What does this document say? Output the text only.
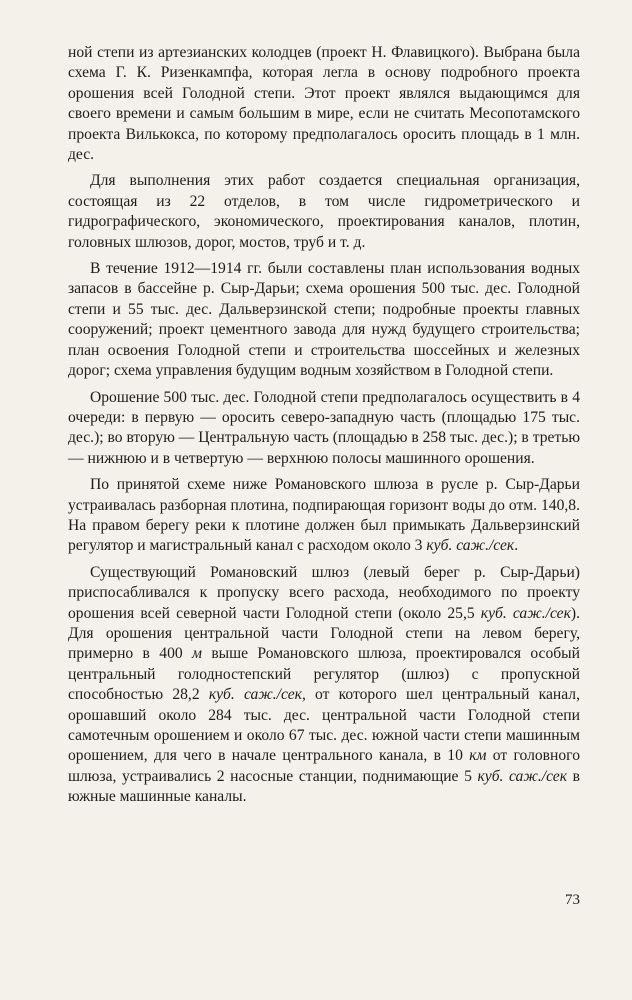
ной степи из артезианских колодцев (проект Н. Флавицкого). Выбрана была схема Г. К. Ризенкампфа, которая легла в основу подробного проекта орошения всей Голодной степи. Этот проект являлся выдающимся для своего времени и самым большим в мире, если не считать Месопотамского проекта Вилькокса, по которому предполагалось оросить площадь в 1 млн. дес.

Для выполнения этих работ создается специальная организация, состоящая из 22 отделов, в том числе гидрометрического и гидрографического, экономического, проектирования каналов, плотин, головных шлюзов, дорог, мостов, труб и т. д.

В течение 1912—1914 гг. были составлены план использования водных запасов в бассейне р. Сыр-Дарьи; схема орошения 500 тыс. дес. Голодной степи и 55 тыс. дес. Дальверзинской степи; подробные проекты главных сооружений; проект цементного завода для нужд будущего строительства; план освоения Голодной степи и строительства шоссейных и железных дорог; схема управления будущим водным хозяйством в Голодной степи.

Орошение 500 тыс. дес. Голодной степи предполагалось осуществить в 4 очереди: в первую — оросить северо-западную часть (площадью 175 тыс. дес.); во вторую — Центральную часть (площадью в 258 тыс. дес.); в третью — нижнюю и в четвертую — верхнюю полосы машинного орошения.

По принятой схеме ниже Романовского шлюза в русле р. Сыр-Дарьи устраивалась разборная плотина, подпирающая горизонт воды до отм. 140,8. На правом берегу реки к плотине должен был примыкать Дальверзинский регулятор и магистральный канал с расходом около 3 куб. саж./сек.

Существующий Романовский шлюз (левый берег р. Сыр-Дарьи) приспосабливался к пропуску всего расхода, необходимого по проекту орошения всей северной части Голодной степи (около 25,5 куб. саж./сек). Для орошения центральной части Голодной степи на левом берегу, примерно в 400 м выше Романовского шлюза, проектировался особый центральный голодностепский регулятор (шлюз) с пропускной способностью 28,2 куб. саж./сек, от которого шел центральный канал, орошавший около 284 тыс. дес. центральной части Голодной степи самотечным орошением и около 67 тыс. дес. южной части степи машинным орошением, для чего в начале центрального канала, в 10 км от головного шлюза, устраивались 2 насосные станции, поднимающие 5 куб. саж./сек в южные машинные каналы.

73
